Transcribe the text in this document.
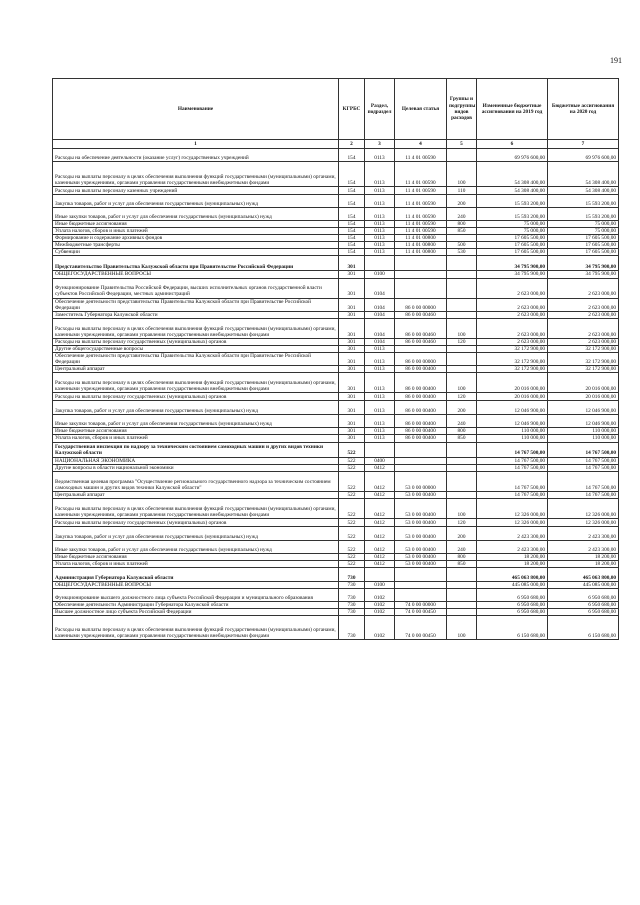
191
Наименование	КГРБС	Раздел, подраздел	Целевая статья	Группы и подгруппы видов расходов	Измененные бюджетные ассигнования на 2019 год	Бюджетные ассигнования на 2020 год
1	2	3	4	5	6	7
Расходы на обеспечение деятельности (оказание услуг) государственных учреждений	154	0113	11 4 01 00590		69 976 600,00	69 976 600,00
Расходы на выплаты персоналу в целях обеспечения выполнения функций государственными (муниципальными) органами, казенными учреждениями, органами управления государственными внебюджетными фондами	154	0113	11 4 01 00590	100	54 308 400,00	54 308 400,00
Расходы на выплаты персоналу казенных учреждений	154	0113	11 4 01 00590	110	54 308 400,00	54 308 400,00
Закупка товаров, работ и услуг для обеспечения государственных (муниципальных) нужд	154	0113	11 4 01 00590	200	15 593 200,00	15 593 200,00
Иные закупки товаров, работ и услуг для обеспечения государственных (муниципальных) нужд	154	0113	11 4 01 00590	240	15 593 200,00	15 593 200,00
Иные бюджетные ассигнования	154	0113	11 4 01 00590	800	75 000,00	75 000,00
Уплата налогов, сборов и иных платежей	154	0113	11 4 01 00590	850	75 000,00	75 000,00
Формирование и содержание архивных фондов	154	0113	11 4 01 00800		17 605 500,00	17 605 500,00
Межбюджетные трансферты	154	0113	11 4 01 00800	500	17 605 500,00	17 605 500,00
Субвенции	154	0113	11 4 01 00800	530	17 605 500,00	17 605 500,00
Представительство Правительства Калужской области при Правительстве Российской Федерации	301				34 795 900,00	34 795 900,00
ОБЩЕГОСУДАРСТВЕННЫЕ ВОПРОСЫ	301	0100			34 795 900,00	34 795 900,00
Функционирование Правительства Российской Федерации, высших исполнительных органов государственной власти субъектов Российской Федерации, местных администраций	301	0104			2 623 000,00	2 623 000,00
Обеспечение деятельности представительства Правительства Калужской области при Правительстве Российской Федерации	301	0104	86 0 00 00000		2 623 000,00	2 623 000,00
Заместитель Губернатора Калужской области	301	0104	86 0 00 00460		2 623 000,00	2 623 000,00
Расходы на выплаты персоналу в целях обеспечения выполнения функций государственными (муниципальными) органами, казенными учреждениями, органами управления государственными внебюджетными фондами	301	0104	86 0 00 00460	100	2 623 000,00	2 623 000,00
Расходы на выплаты персоналу государственных (муниципальных) органов	301	0104	86 0 00 00460	120	2 623 000,00	2 623 000,00
Другие общегосударственные вопросы	301	0113			32 172 900,00	32 172 900,00
Обеспечение деятельности представительства Правительства Калужской области при Правительстве Российской Федерации	301	0113	86 0 00 00000		32 172 900,00	32 172 900,00
Центральный аппарат	301	0113	86 0 00 00400		32 172 900,00	32 172 900,00
Расходы на выплаты персоналу в целях обеспечения выполнения функций государственными (муниципальными) органами, казенными учреждениями, органами управления государственными внебюджетными фондами	301	0113	86 0 00 00400	100	20 016 000,00	20 016 000,00
Расходы на выплаты персоналу государственных (муниципальных) органов	301	0113	86 0 00 00400	120	20 016 000,00	20 016 000,00
Закупка товаров, работ и услуг для обеспечения государственных (муниципальных) нужд	301	0113	86 0 00 00400	200	12 046 900,00	12 046 900,00
Иные закупки товаров, работ и услуг для обеспечения государственных (муниципальных) нужд	301	0113	86 0 00 00400	240	12 046 900,00	12 046 900,00
Иные бюджетные ассигнования	301	0113	86 0 00 00400	800	110 000,00	110 000,00
Уплата налогов, сборов и иных платежей	301	0113	86 0 00 00400	850	110 000,00	110 000,00
Государственная инспекция по надзору за техническим состоянием самоходных машин и других видов техники Калужской области	522				14 767 500,00	14 767 500,00
НАЦИОНАЛЬНАЯ ЭКОНОМИКА	522	0400			14 767 500,00	14 767 500,00
Другие вопросы в области национальной экономики	522	0412			14 767 500,00	14 767 500,00
Ведомственная целевая программа "Осуществление регионального государственного надзора за техническим состоянием самоходных машин и других видов техники Калужской области"	522	0412	53 0 00 00000		14 767 500,00	14 767 500,00
Центральный аппарат	522	0412	53 0 00 00400		14 767 500,00	14 767 500,00
Расходы на выплаты персоналу в целях обеспечения выполнения функций государственными (муниципальными) органами, казенными учреждениями, органами управления государственными внебюджетными фондами	522	0412	53 0 00 00400	100	12 326 000,00	12 326 000,00
Расходы на выплаты персоналу государственных (муниципальных) органов	522	0412	53 0 00 00400	120	12 326 000,00	12 326 000,00
Закупка товаров, работ и услуг для обеспечения государственных (муниципальных) нужд	522	0412	53 0 00 00400	200	2 423 300,00	2 423 300,00
Иные закупки товаров, работ и услуг для обеспечения государственных (муниципальных) нужд	522	0412	53 0 00 00400	240	2 423 300,00	2 423 300,00
Иные бюджетные ассигнования	522	0412	53 0 00 00400	800	18 200,00	18 200,00
Уплата налогов, сборов и иных платежей	522	0412	53 0 00 00400	850	18 200,00	18 200,00
Администрация Губернатора Калужской области	730				465 063 800,00	465 063 800,00
ОБЩЕГОСУДАРСТВЕННЫЕ ВОПРОСЫ	730	0100			445 085 000,00	445 085 000,00
Функционирование высшего должностного лица субъекта Российской Федерации и муниципального образования	730	0102			6 950 680,00	6 950 680,00
Обеспечение деятельности Администрации Губернатора Калужской области	730	0102	74 0 00 00000		6 950 680,00	6 950 680,00
Высшее должностное лицо субъекта Российской Федерации	730	0102	74 0 00 00450		6 950 680,00	6 950 680,00
Расходы на выплаты персоналу в целях обеспечения выполнения функций государственными (муниципальными) органами, казенными учреждениями, органами управления государственными внебюджетными фондами	730	0102	74 0 00 00450	100	6 150 680,00	6 150 680,00
